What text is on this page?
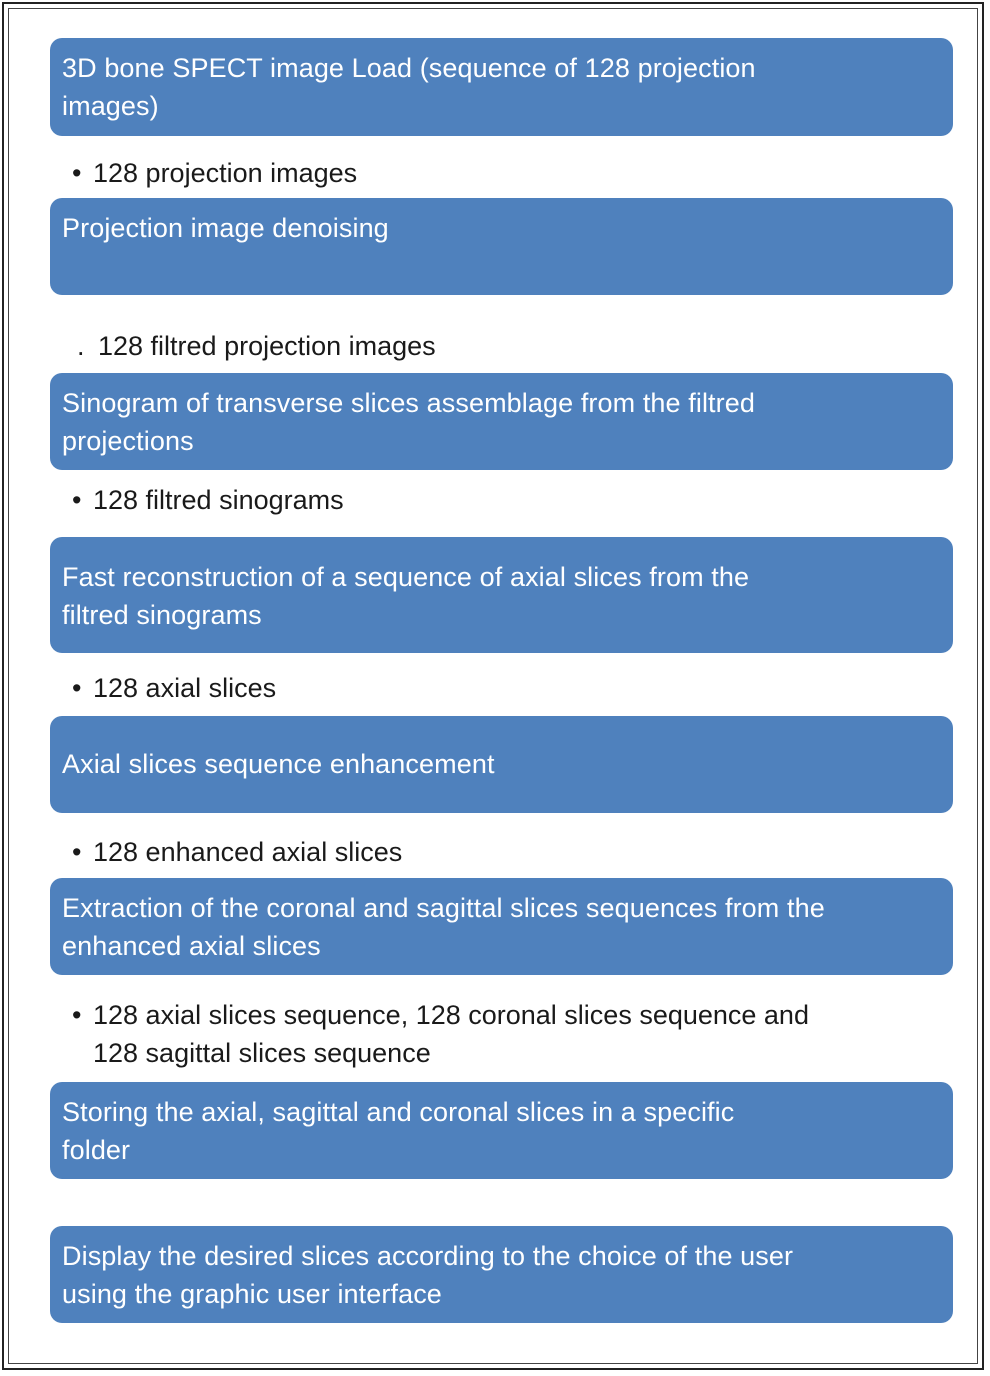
3D bone SPECT image Load (sequence of 128 projection
images)
• 128 projection images
Projection image denoising
. 128 filtred projection images
Sinogram of transverse slices assemblage from the filtred
projections
• 128 filtred sinograms
Fast reconstruction of a sequence of axial slices from the
filtred sinograms
• 128 axial slices
Axial slices sequence enhancement
• 128 enhanced axial slices
Extraction of the coronal and sagittal slices sequences from the
enhanced axial slices
• 128 axial slices sequence, 128 coronal slices sequence and
128 sagittal slices sequence
Storing the axial, sagittal and coronal slices in a specific
folder
Display the desired slices according to the choice of the user
using the graphic user interface
